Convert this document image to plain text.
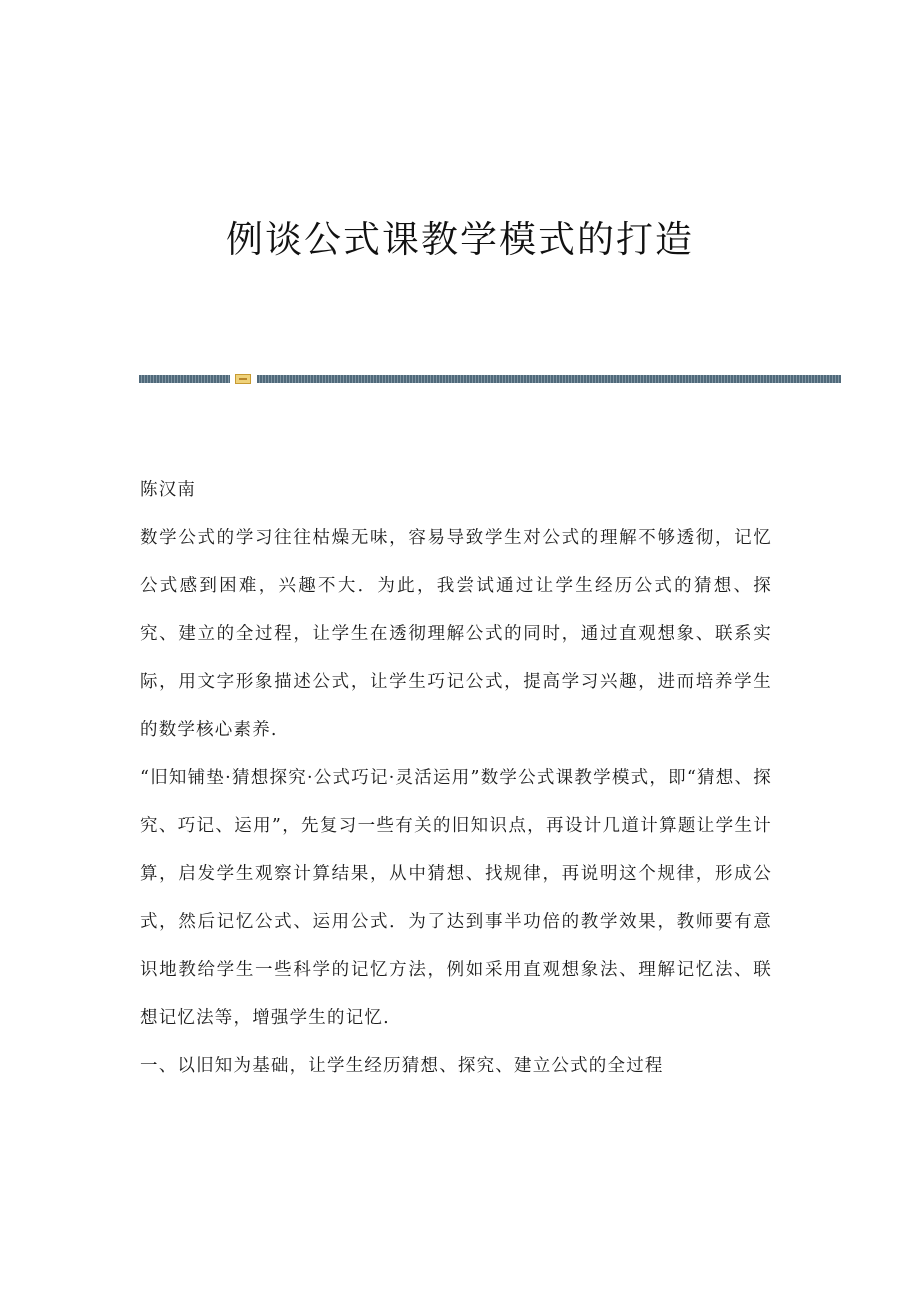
例谈公式课教学模式的打造

陈汉南

数学公式的学习往往枯燥无味，容易导致学生对公式的理解不够透彻，记忆公式感到困难，兴趣不大．为此，我尝试通过让学生经历公式的猜想、探究、建立的全过程，让学生在透彻理解公式的同时，通过直观想象、联系实际，用文字形象描述公式，让学生巧记公式，提高学习兴趣，进而培养学生的数学核心素养.

“旧知铺垫·猜想探究·公式巧记·灵活运用”数学公式课教学模式，即“猜想、探究、巧记、运用”，先复习一些有关的旧知识点，再设计几道计算题让学生计算，启发学生观察计算结果，从中猜想、找规律，再说明这个规律，形成公式，然后记忆公式、运用公式．为了达到事半功倍的教学效果，教师要有意识地教给学生一些科学的记忆方法，例如采用直观想象法、理解记忆法、联想记忆法等，增强学生的记忆.

一、以旧知为基础，让学生经历猜想、探究、建立公式的全过程
